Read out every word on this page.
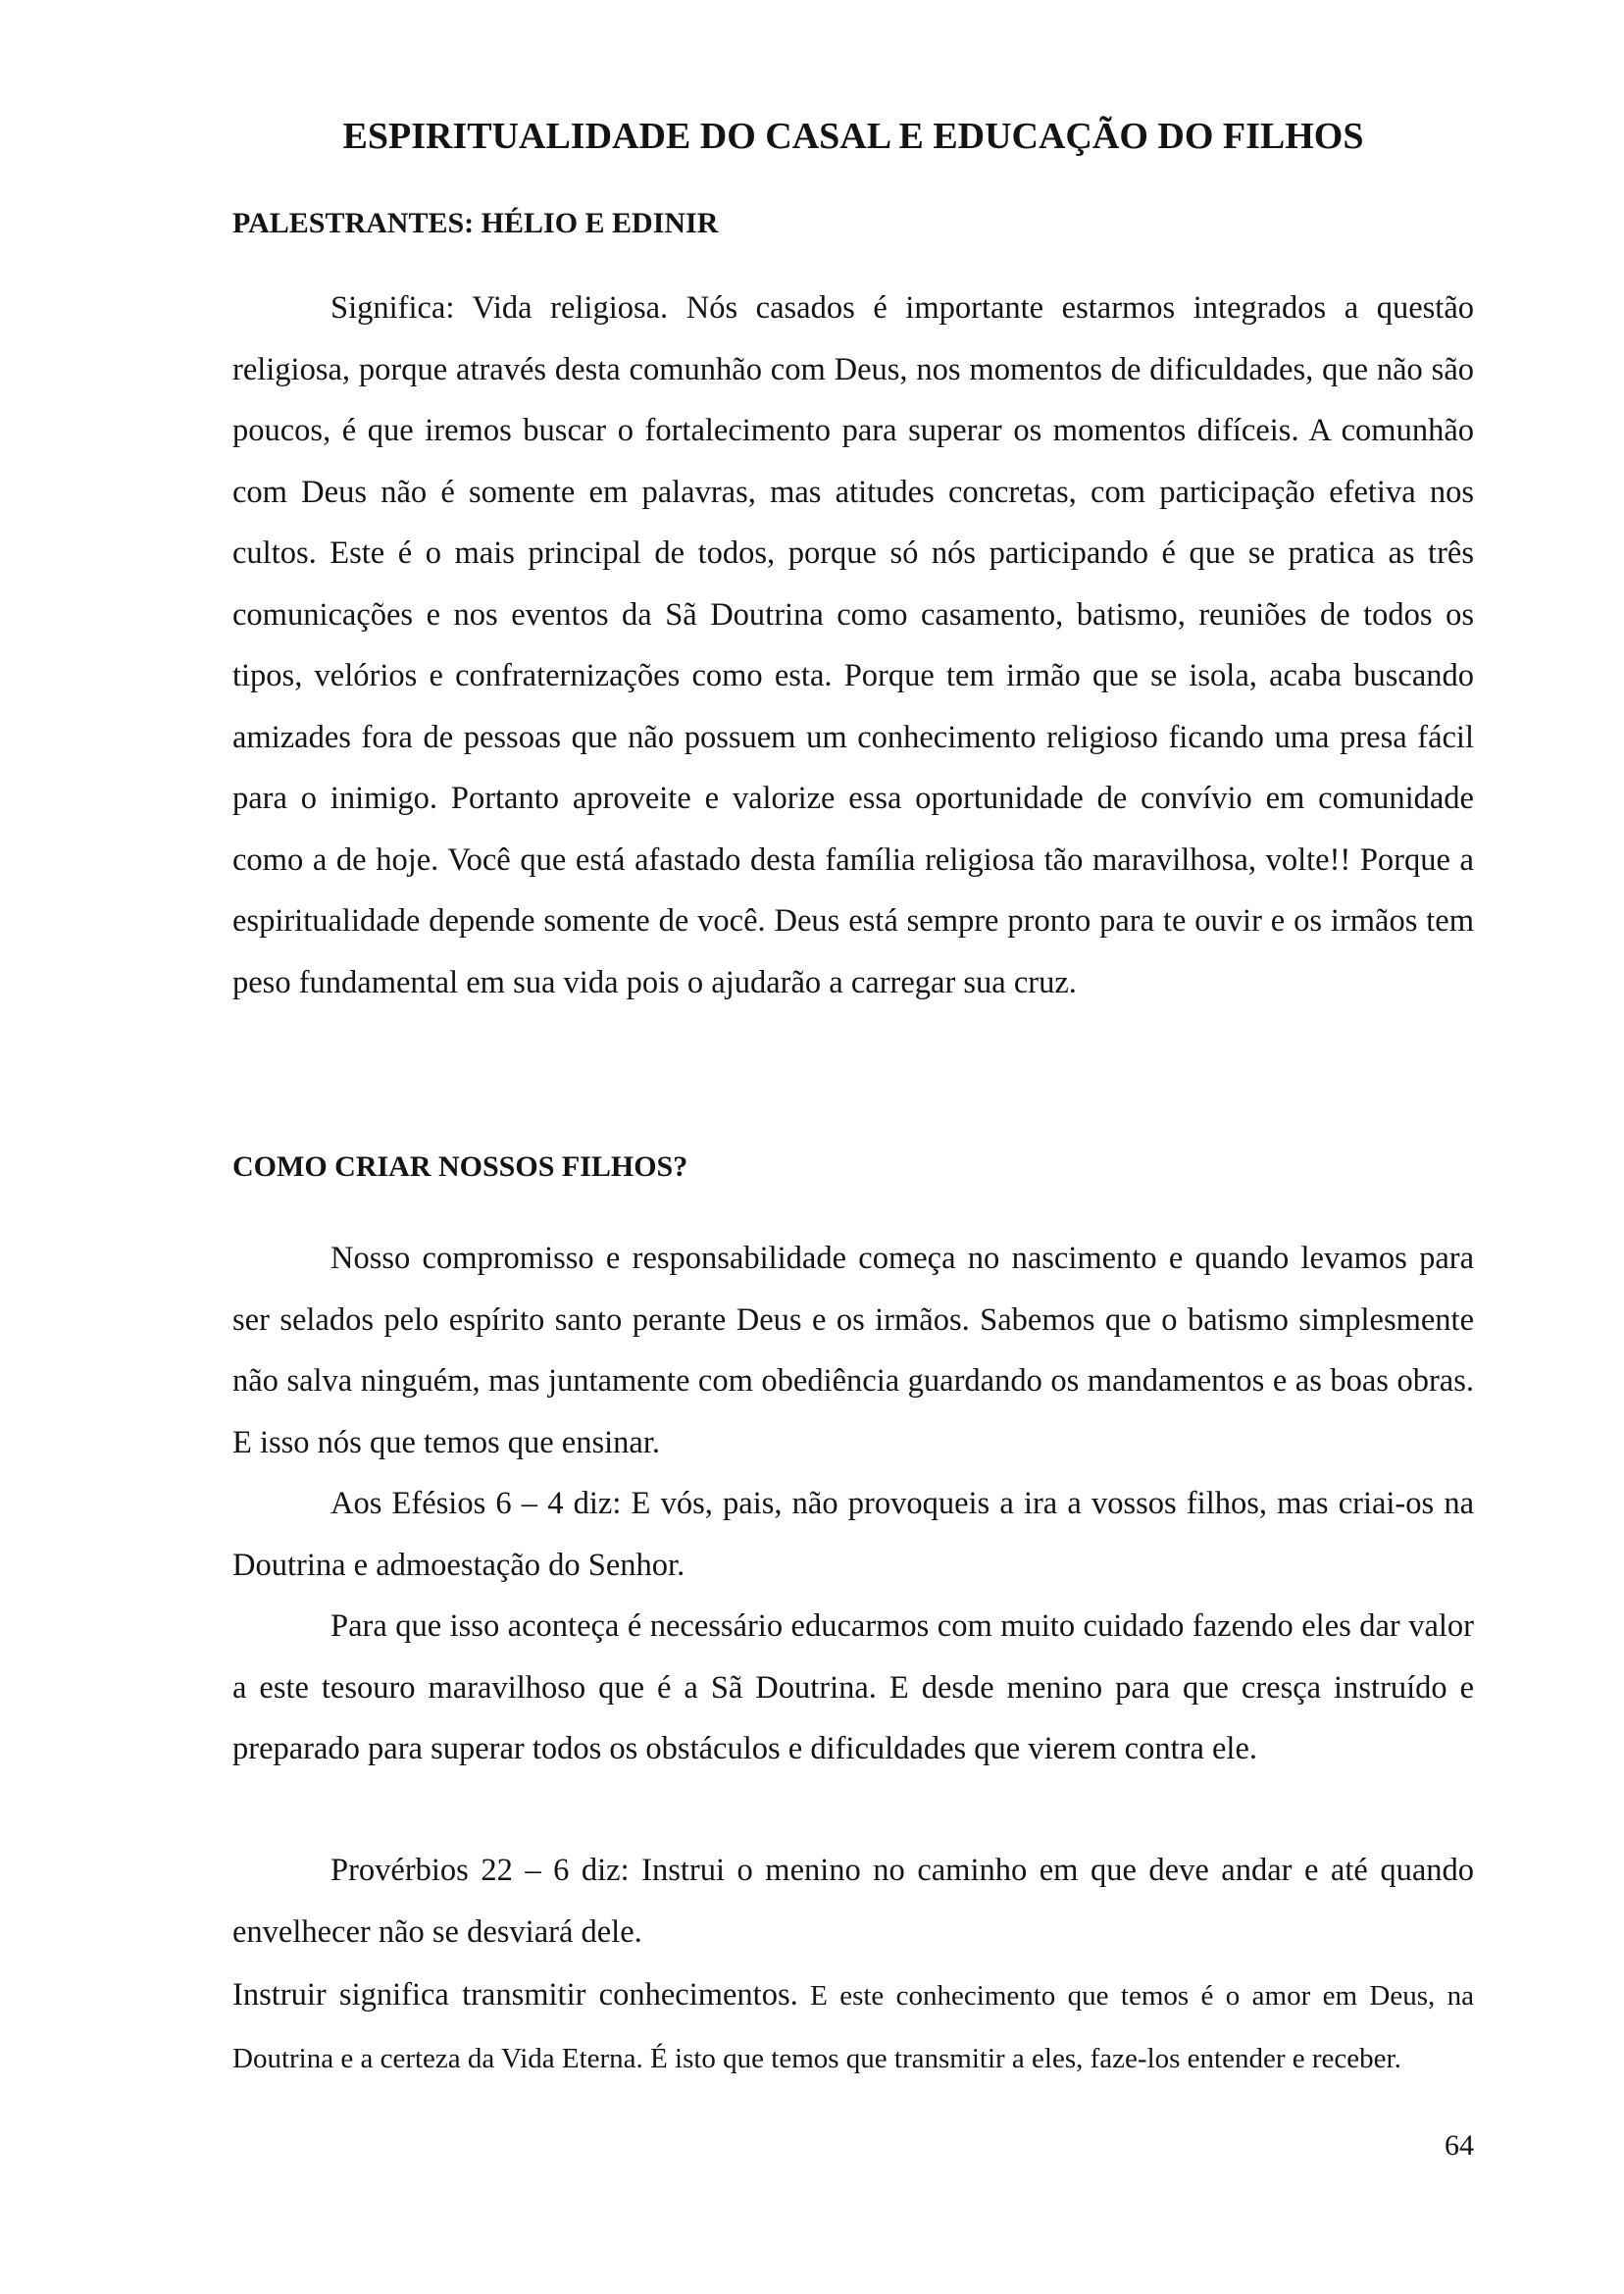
ESPIRITUALIDADE DO CASAL E EDUCAÇÃO DO FILHOS
PALESTRANTES: HÉLIO E EDINIR

Significa: Vida religiosa. Nós casados é importante estarmos integrados a questão religiosa, porque através desta comunhão com Deus, nos momentos de dificuldades, que não são poucos, é que iremos buscar o fortalecimento para superar os momentos difíceis. A comunhão com Deus não é somente em palavras, mas atitudes concretas, com participação efetiva nos cultos. Este é o mais principal de todos, porque só nós participando é que se pratica as três comunicações e nos eventos da Sã Doutrina como casamento, batismo, reuniões de todos os tipos, velórios e confraternizações como esta. Porque tem irmão que se isola, acaba buscando amizades fora de pessoas que não possuem um conhecimento religioso ficando uma presa fácil para o inimigo. Portanto aproveite e valorize essa oportunidade de convívio em comunidade como a de hoje. Você que está afastado desta família religiosa tão maravilhosa, volte!! Porque a espiritualidade depende somente de você. Deus está sempre pronto para te ouvir e os irmãos tem peso fundamental em sua vida pois o ajudarão a carregar sua cruz.

COMO CRIAR NOSSOS FILHOS?

Nosso compromisso e responsabilidade começa no nascimento e quando levamos para ser selados pelo espírito santo perante Deus e os irmãos. Sabemos que o batismo simplesmente não salva ninguém, mas juntamente com obediência guardando os mandamentos e as boas obras. E isso nós que temos que ensinar.

Aos Efésios 6 – 4 diz: E vós, pais, não provoqueis a ira a vossos filhos, mas criai-os na Doutrina e admoestação do Senhor.

Para que isso aconteça é necessário educarmos com muito cuidado fazendo eles dar valor a este tesouro maravilhoso que é a Sã Doutrina. E desde menino para que cresça instruído e preparado para superar todos os obstáculos e dificuldades que vierem contra ele.

Provérbios 22 – 6 diz: Instrui o menino no caminho em que deve andar e até quando envelhecer não se desviará dele.

Instruir significa transmitir conhecimentos. E este conhecimento que temos é o amor em Deus, na Doutrina e a certeza da Vida Eterna. É isto que temos que transmitir a eles, faze-los entender e receber.

64
